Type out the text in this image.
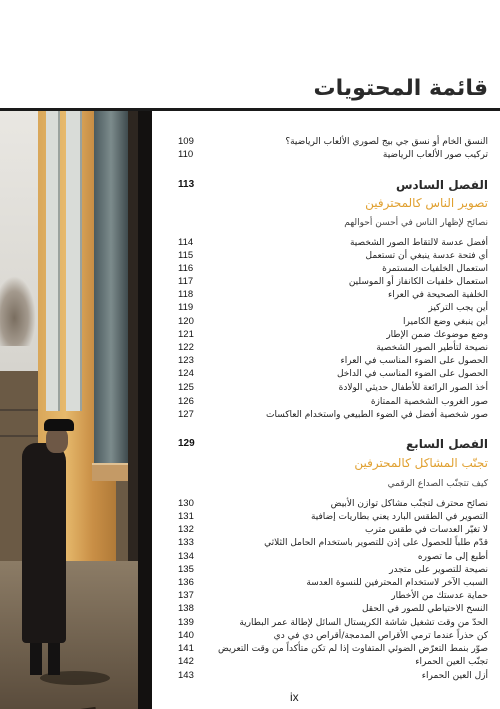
قائمة المحتويات
109	النسق الخام أو نسق جي بيج لصوري الألعاب الرياضية؟
110	تركيب صور الألعاب الرياضية
113	الفصل السادس
تصوير الناس كالمحترفين
نصائح لإظهار الناس في أحسن أحوالهم
114	أفضل عدسة لالتقاط الصور الشخصية
115	أي فتحة عدسة ينبغي أن تستعمل
116	استعمال الخلفيات المستمرة
117	استعمال خلفيات الكانفاز أو الموسلين
118	الخلفية الصحيحة في العراء
119	أين يجب التركيز
120	أين ينبغي وضع الكاميرا
121	وضع موضوعك ضمن الإطار
122	نصيحة لتأطير الصور الشخصية
123	الحصول على الضوء المناسب في العراء
124	الحصول على الضوء المناسب في الداخل
125	أخذ الصور الرائعة للأطفال حديثي الولادة
126	صور الغروب الشخصية الممتازة
127	صور شخصية أفضل في الضوء الطبيعي واستخدام العاكسات
129	الفصل السابع
تجنّب المشاكل كالمحترفين
كيف تتجنّب الصداع الرقمي
130	نصائح محترف لتجنّب مشاكل توازن الأبيض
131	التصوير في الطقس البارد يعني بطاريات إضافية
132	لا تغيّر العدسات في طقس مترب
133	قدّم طلباً للحصول على إذن للتصوير باستخدام الحامل الثلاثي
134	أطبع إلى ما تصوره
135	نصيحة للتصوير على متجدر
136	السبب الآخر لاستخدام المحترفين للنسوة العدسة
137	حماية عدستك من الأخطار
138	النسخ الاحتياطي للصور في الحقل
139	الحدّ من وقت تشغيل شاشة الكريستال السائل لإطالة عمر البطارية
140	كن حذراً عندما ترمي الأقراص المدمجة/أقراص دي في دي
141	صوّر بنمط التعرّض الضوئي المتفاوت إذا لم تكن متأكداً من وقت التعريض
142	تجنّب العين الحمراء
143	أزل العين الحمراء
ix
